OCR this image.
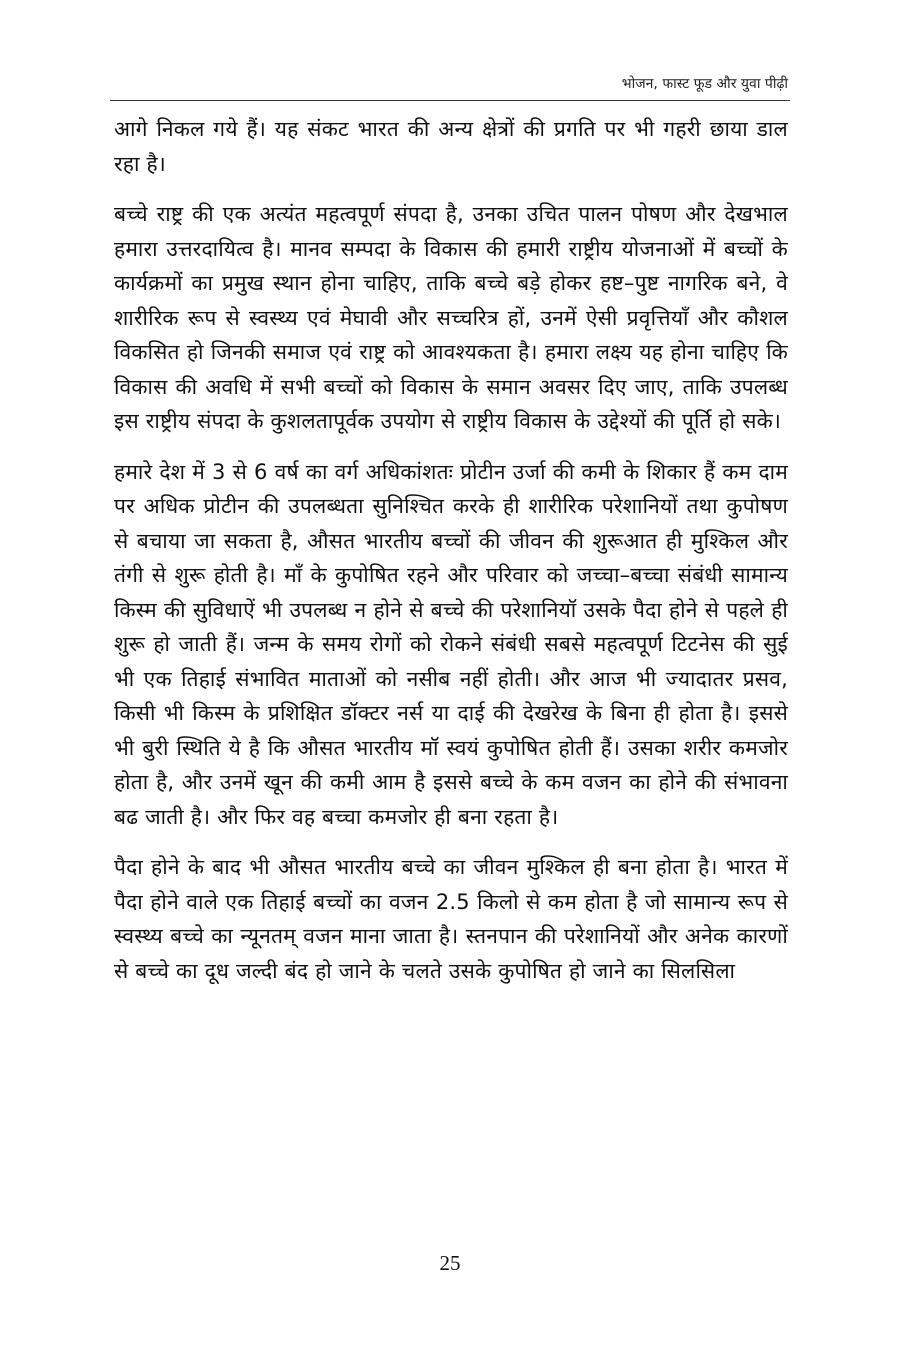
भोजन, फास्ट फूड और युवा पीढ़ी

आगे निकल गये हैं। यह संकट भारत की अन्य क्षेत्रों की प्रगति पर भी गहरी छाया डाल रहा है।

बच्चे राष्ट्र की एक अत्यंत महत्वपूर्ण संपदा है, उनका उचित पालन पोषण और देखभाल हमारा उत्तरदायित्व है। मानव सम्पदा के विकास की हमारी राष्ट्रीय योजनाओं में बच्चों के कार्यक्रमों का प्रमुख स्थान होना चाहिए, ताकि बच्चे बड़े होकर हष्ट–पुष्ट नागरिक बने, वे शारीरिक रूप से स्वस्थ्य एवं मेघावी और सच्चरित्र हों, उनमें ऐसी प्रवृत्तियाँ और कौशल विकसित हो जिनकी समाज एवं राष्ट्र को आवश्यकता है। हमारा लक्ष्य यह होना चाहिए कि विकास की अवधि में सभी बच्चों को विकास के समान अवसर दिए जाए, ताकि उपलब्ध इस राष्ट्रीय संपदा के कुशलतापूर्वक उपयोग से राष्ट्रीय विकास के उद्देश्यों की पूर्ति हो सके।

हमारे देश में 3 से 6 वर्ष का वर्ग अधिकांशतः प्रोटीन उर्जा की कमी के शिकार हैं कम दाम पर अधिक प्रोटीन की उपलब्धता सुनिश्चित करके ही शारीरिक परेशानियों तथा कुपोषण से बचाया जा सकता है, औसत भारतीय बच्चों की जीवन की शुरूआत ही मुश्किल और तंगी से शुरू होती है। माँ के कुपोषित रहने और परिवार को जच्चा–बच्चा संबंधी सामान्य किस्म की सुविधाऐं भी उपलब्ध न होने से बच्चे की परेशानियॉ उसके पैदा होने से पहले ही शुरू हो जाती हैं। जन्म के समय रोगों को रोकने संबंधी सबसे महत्वपूर्ण टिटनेस की सुई भी एक तिहाई संभावित माताओं को नसीब नहीं होती। और आज भी ज्यादातर प्रसव, किसी भी किस्म के प्रशिक्षित डॉक्टर नर्स या दाई की देखरेख के बिना ही होता है। इससे भी बुरी स्थिति ये है कि औसत भारतीय मॉ स्वयं कुपोषित होती हैं। उसका शरीर कमजोर होता है, और उनमें खून की कमी आम है इससे बच्चे के कम वजन का होने की संभावना बढ जाती है। और फिर वह बच्चा कमजोर ही बना रहता है।

पैदा होने के बाद भी औसत भारतीय बच्चे का जीवन मुश्किल ही बना होता है। भारत में पैदा होने वाले एक तिहाई बच्चों का वजन 2.5 किलो से कम होता है जो सामान्य रूप से स्वस्थ्य बच्चे का न्यूनतम् वजन माना जाता है। स्तनपान की परेशानियों और अनेक कारणों से बच्चे का दूध जल्दी बंद हो जाने के चलते उसके कुपोषित हो जाने का सिलसिला

25
